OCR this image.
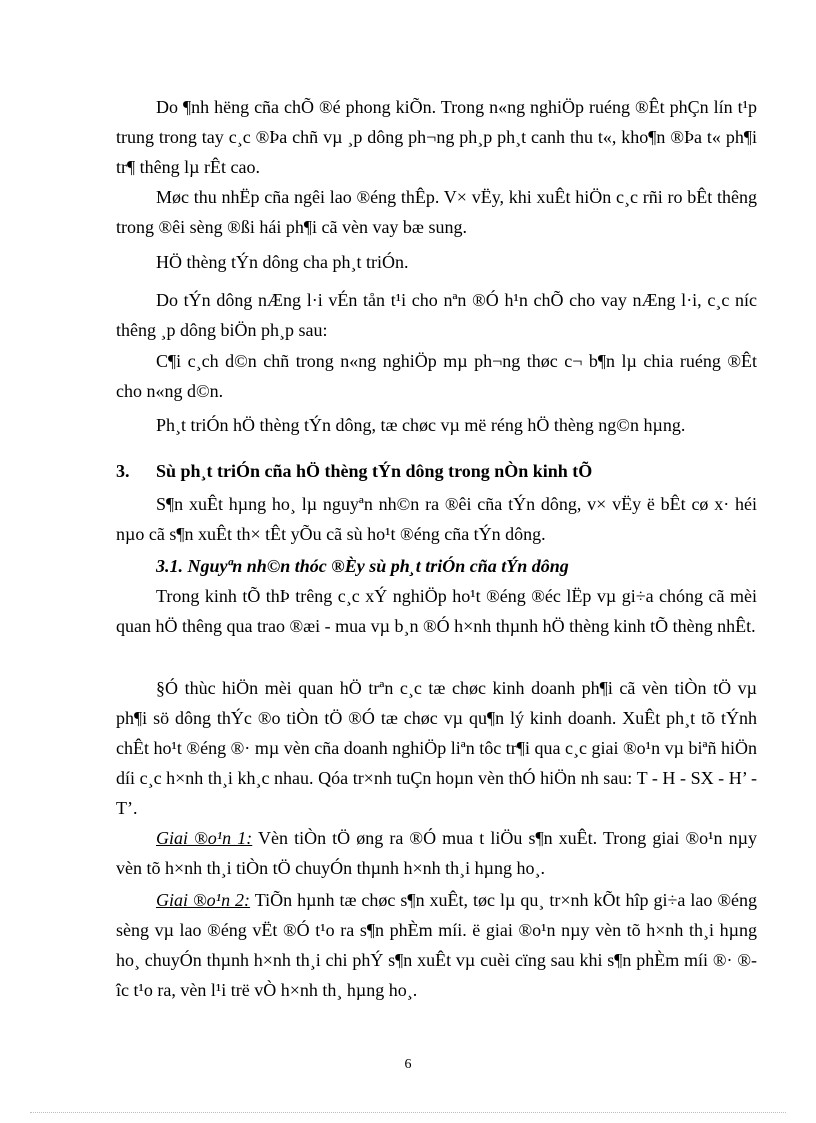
Do ¶nh hëng cña chÕ ®é phong kiÕn. Trong n«ng nghiÖp ruéng ®Êt phÇn lín t¹p trung trong tay c¸c ®Þa chñ vµ ¸p dông ph¬ng ph¸p ph¸t canh thu t«, kho¶n ®Þa t« ph¶i tr¶ thêng lµ rÊt cao.

Møc thu nhËp cña ngêi lao ®éng thÊp. V× vËy, khi xuÊt hiÖn c¸c rñi ro bÊt thêng trong ®êi sèng ®ßi hái ph¶i cã vèn vay bæ sung.

HÖ thèng tÝn dông cha ph¸t triÓn.

Do tÝn dông nÆng l·i vÉn tån t¹i cho nªn ®Ó h¹n chÕ cho vay nÆng l·i, c¸c níc thêng ¸p dông biÖn ph¸p sau:

C¶i c¸ch d©n chñ trong n«ng nghiÖp mµ ph¬ng thøc c¬ b¶n lµ chia ruéng ®Êt cho n«ng d©n.

Ph¸t triÓn hÖ thèng tÝn dông, tæ chøc vµ më réng hÖ thèng ng©n hµng.

3. Sù ph¸t triÓn cña hÖ thèng tÝn dông trong nÒn kinh tÕ

S¶n xuÊt hµng ho¸ lµ nguyªn nh©n ra ®êi cña tÝn dông, v× vËy ë bÊt cø x· héi nµo cã s¶n xuÊt th× tÊt yÕu cã sù ho¹t ®éng cña tÝn dông.

3.1. Nguyªn nh©n thóc ®Èy sù ph¸t triÓn cña tÝn dông

Trong kinh tÕ thÞ trêng c¸c xÝ nghiÖp ho¹t ®éng ®éc lËp vµ gi÷a chóng cã mèi quan hÖ thêng qua trao ®æi - mua vµ b¸n ®Ó h×nh thµnh hÖ thèng kinh tÕ thèng nhÊt.

§Ó thùc hiÖn mèi quan hÖ trªn c¸c tæ chøc kinh doanh ph¶i cã vèn tiÒn tÖ vµ ph¶i sö dông thÝc ®o tiÒn tÖ ®Ó tæ chøc vµ qu¶n lý kinh doanh. XuÊt ph¸t tõ tÝnh chÊt ho¹t ®éng ®· mµ vèn cña doanh nghiÖp liªn tôc tr¶i qua c¸c giai ®o¹n vµ biªñ hiÖn díi c¸c h×nh th¸i kh¸c nhau. Qóa tr×nh tuÇn hoµn vèn thÓ hiÖn nh sau: T - H - SX - H’ - T’.

Giai ®o¹n 1: Vèn tiÒn tÖ øng ra ®Ó mua t liÖu s¶n xuÊt. Trong giai ®o¹n nµy vèn tõ h×nh th¸i tiÒn tÖ chuyÓn thµnh h×nh th¸i hµng ho¸.

Giai ®o¹n 2: TiÕn hµnh tæ chøc s¶n xuÊt, tøc lµ qu¸ tr×nh kÕt hîp gi÷a lao ®éng sèng vµ lao ®éng vËt ®Ó t¹o ra s¶n phÈm míi. ë giai ®o¹n nµy vèn tõ h×nh th¸i hµng ho¸ chuyÓn thµnh h×nh th¸i chi phÝ s¶n xuÊt vµ cuèi cïng sau khi s¶n phÈm míi ®· ®îc t¹o ra, vèn l¹i trë vÒ h×nh th¸ hµng ho¸.

6
